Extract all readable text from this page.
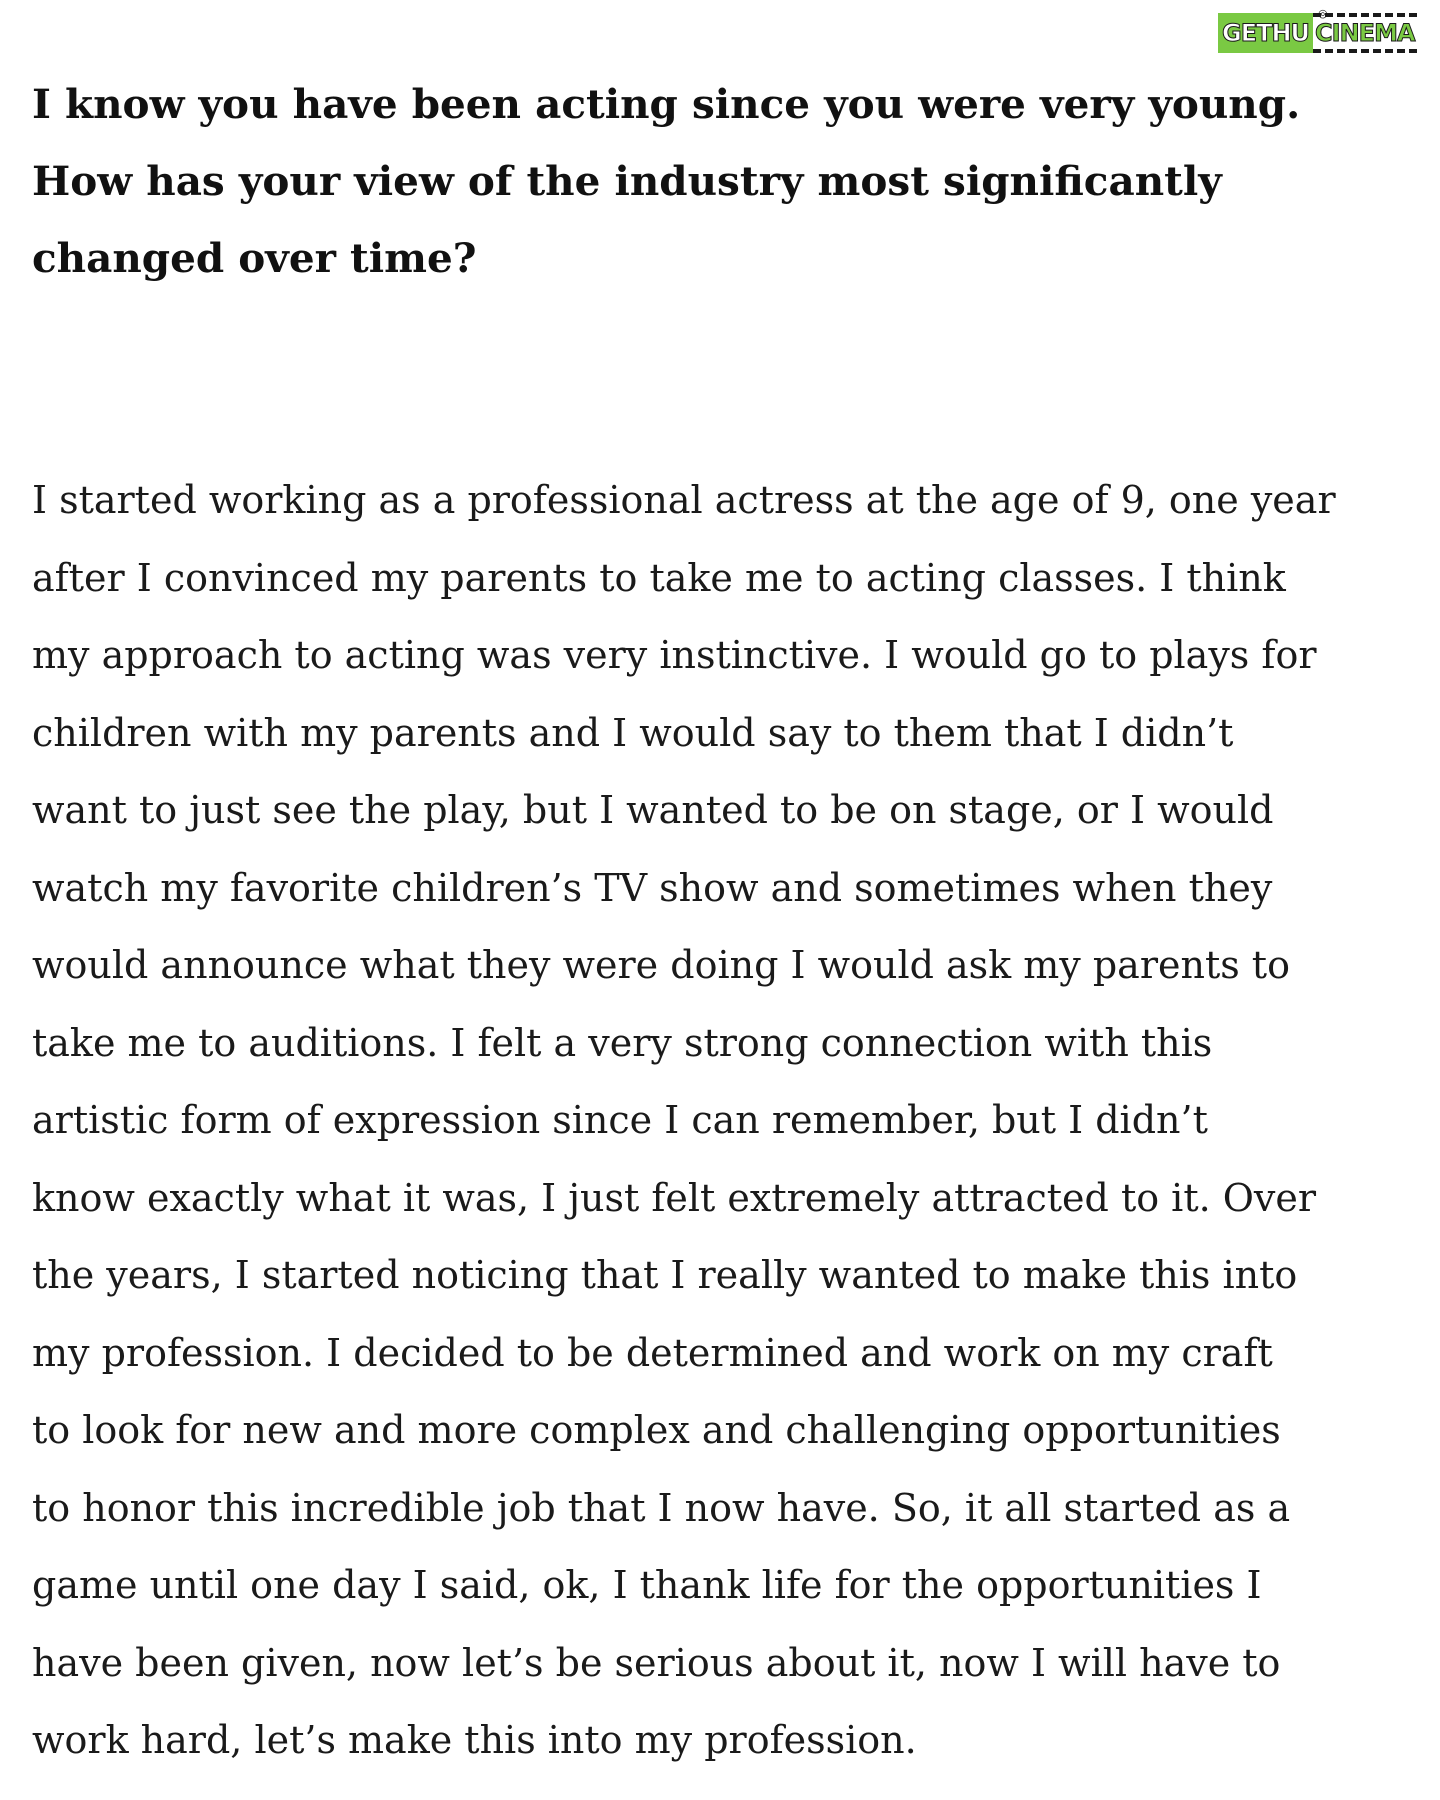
◎
GETHU CINEMA

I know you have been acting since you were very young.
How has your view of the industry most significantly
changed over time?

I started working as a professional actress at the age of 9, one year
after I convinced my parents to take me to acting classes. I think
my approach to acting was very instinctive. I would go to plays for
children with my parents and I would say to them that I didn’t
want to just see the play, but I wanted to be on stage, or I would
watch my favorite children’s TV show and sometimes when they
would announce what they were doing I would ask my parents to
take me to auditions. I felt a very strong connection with this
artistic form of expression since I can remember, but I didn’t
know exactly what it was, I just felt extremely attracted to it. Over
the years, I started noticing that I really wanted to make this into
my profession. I decided to be determined and work on my craft
to look for new and more complex and challenging opportunities
to honor this incredible job that I now have. So, it all started as a
game until one day I said, ok, I thank life for the opportunities I
have been given, now let’s be serious about it, now I will have to
work hard, let’s make this into my profession.
